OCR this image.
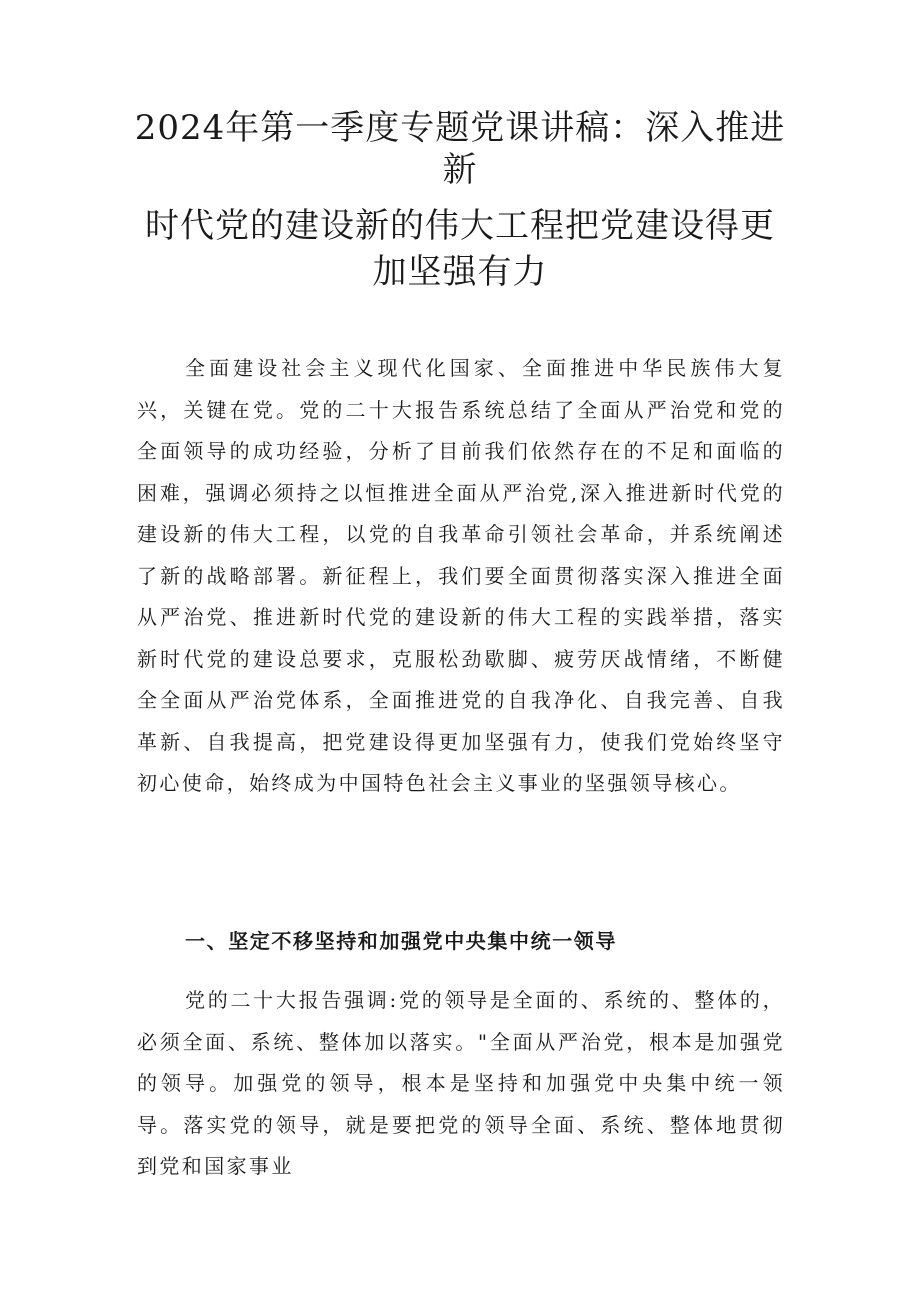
2024年第一季度专题党课讲稿：深入推进
新
时代党的建设新的伟大工程把党建设得更
加坚强有力

全面建设社会主义现代化国家、全面推进中华民族伟大复兴，关键在党。党的二十大报告系统总结了全面从严治党和党的全面领导的成功经验，分析了目前我们依然存在的不足和面临的困难，强调必须持之以恒推进全面从严治党,深入推进新时代党的建设新的伟大工程，以党的自我革命引领社会革命，并系统阐述了新的战略部署。新征程上，我们要全面贯彻落实深入推进全面从严治党、推进新时代党的建设新的伟大工程的实践举措，落实新时代党的建设总要求，克服松劲歇脚、疲劳厌战情绪，不断健全全面从严治党体系，全面推进党的自我净化、自我完善、自我革新、自我提高，把党建设得更加坚强有力，使我们党始终坚守初心使命，始终成为中国特色社会主义事业的坚强领导核心。

一、坚定不移坚持和加强党中央集中统一领导

党的二十大报告强调:党的领导是全面的、系统的、整体的，必须全面、系统、整体加以落实。"全面从严治党，根本是加强党的领导。加强党的领导，根本是坚持和加强党中央集中统一领导。落实党的领导，就是要把党的领导全面、系统、整体地贯彻到党和国家事业
